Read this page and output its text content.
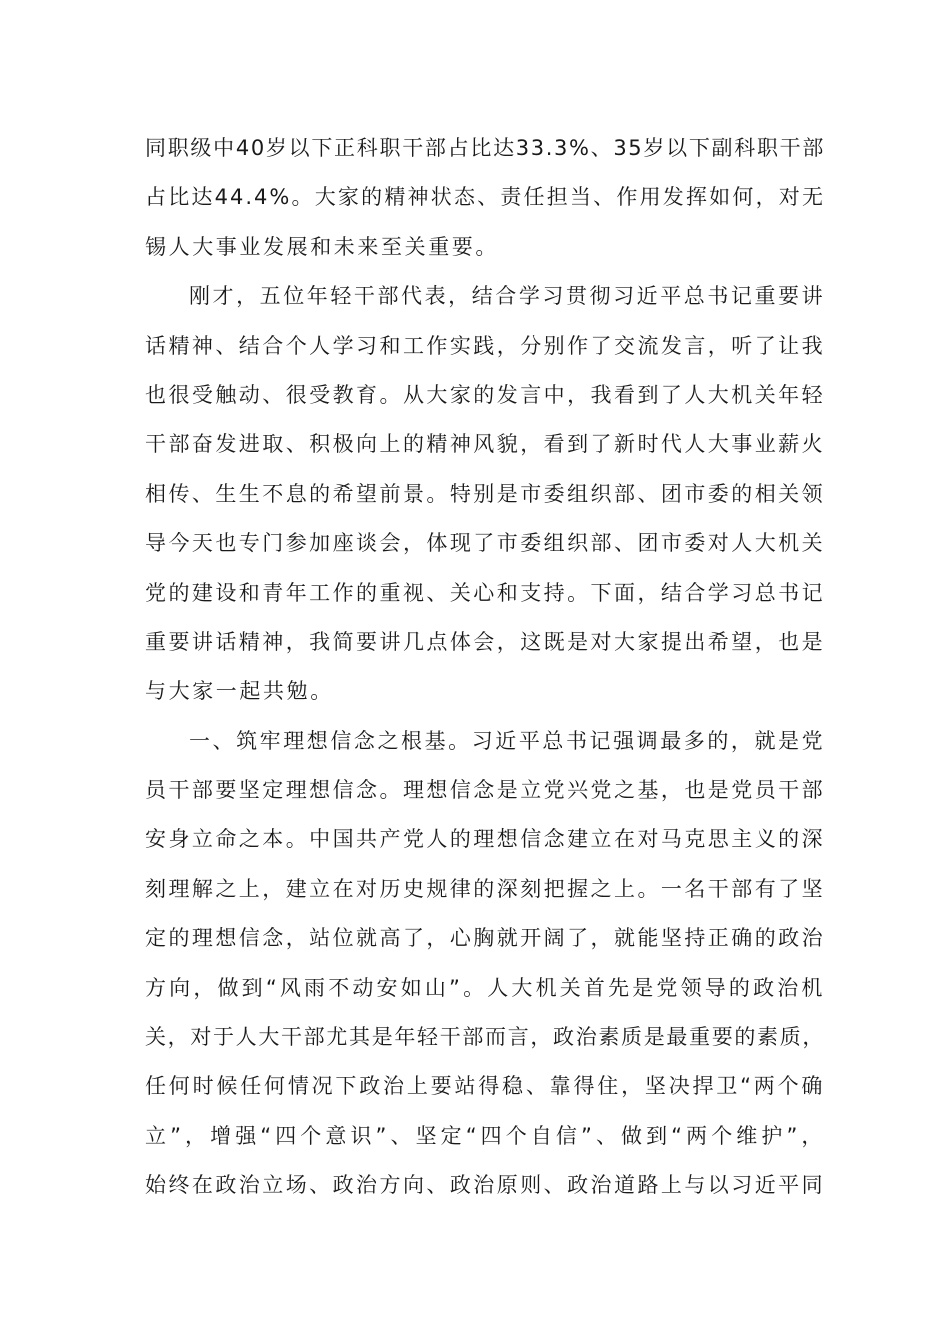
同职级中40岁以下正科职干部占比达33.3%、35岁以下副科职干部
占比达44.4%。大家的精神状态、责任担当、作用发挥如何，对无
锡人大事业发展和未来至关重要。
刚才，五位年轻干部代表，结合学习贯彻习近平总书记重要讲
话精神、结合个人学习和工作实践，分别作了交流发言，听了让我
也很受触动、很受教育。从大家的发言中，我看到了人大机关年轻
干部奋发进取、积极向上的精神风貌，看到了新时代人大事业薪火
相传、生生不息的希望前景。特别是市委组织部、团市委的相关领
导今天也专门参加座谈会，体现了市委组织部、团市委对人大机关
党的建设和青年工作的重视、关心和支持。下面，结合学习总书记
重要讲话精神，我简要讲几点体会，这既是对大家提出希望，也是
与大家一起共勉。
一、筑牢理想信念之根基。习近平总书记强调最多的，就是党
员干部要坚定理想信念。理想信念是立党兴党之基，也是党员干部
安身立命之本。中国共产党人的理想信念建立在对马克思主义的深
刻理解之上，建立在对历史规律的深刻把握之上。一名干部有了坚
定的理想信念，站位就高了，心胸就开阔了，就能坚持正确的政治
方向，做到“风雨不动安如山”。人大机关首先是党领导的政治机
关，对于人大干部尤其是年轻干部而言，政治素质是最重要的素质，
任何时候任何情况下政治上要站得稳、靠得住，坚决捍卫“两个确
立”，增强“四个意识”、坚定“四个自信”、做到“两个维护”，
始终在政治立场、政治方向、政治原则、政治道路上与以习近平同
